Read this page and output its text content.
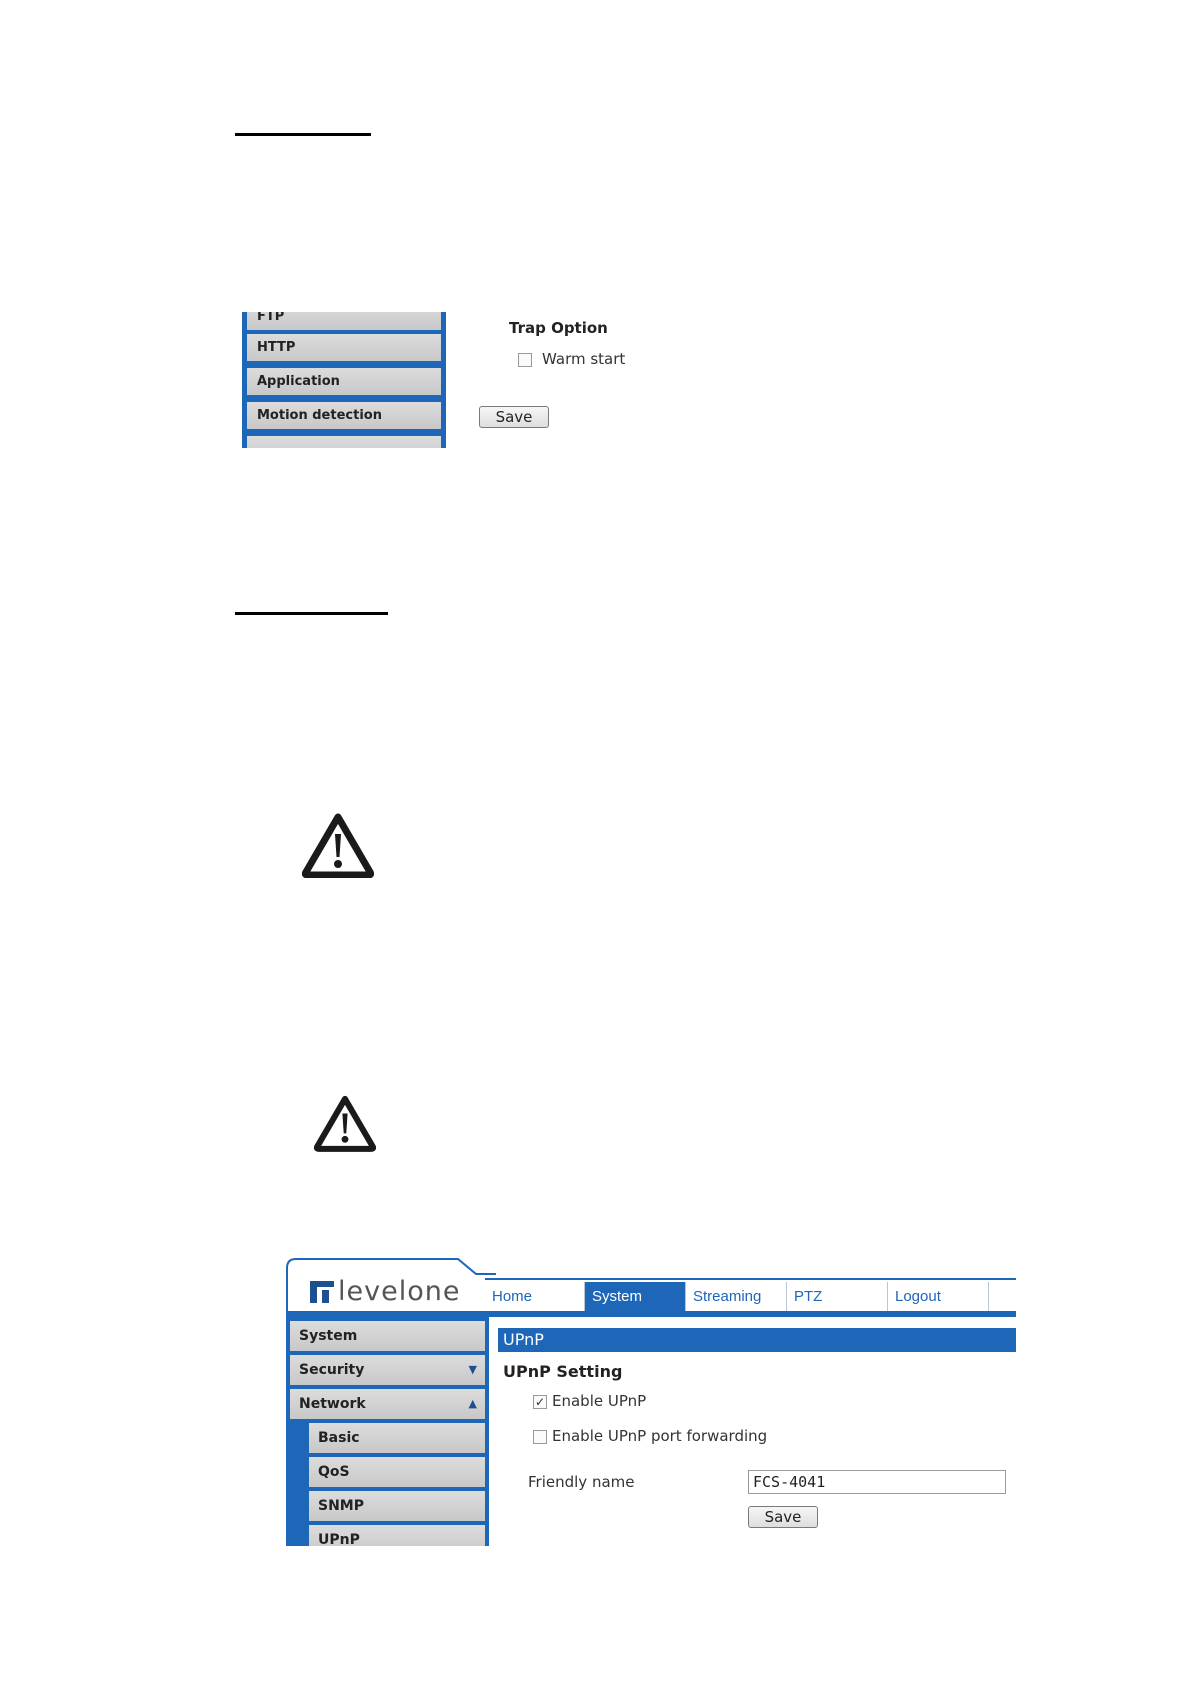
FTP
HTTP
Application
Motion detection
Trap Option
Warm start
Save
levelone	Home	System	Streaming	PTZ	Logout
System
Security	▼
Network	▲
Basic
QoS
SNMP
UPnP
UPnP
UPnP Setting
✓ Enable UPnP
Enable UPnP port forwarding
Friendly name	FCS-4041
Save
